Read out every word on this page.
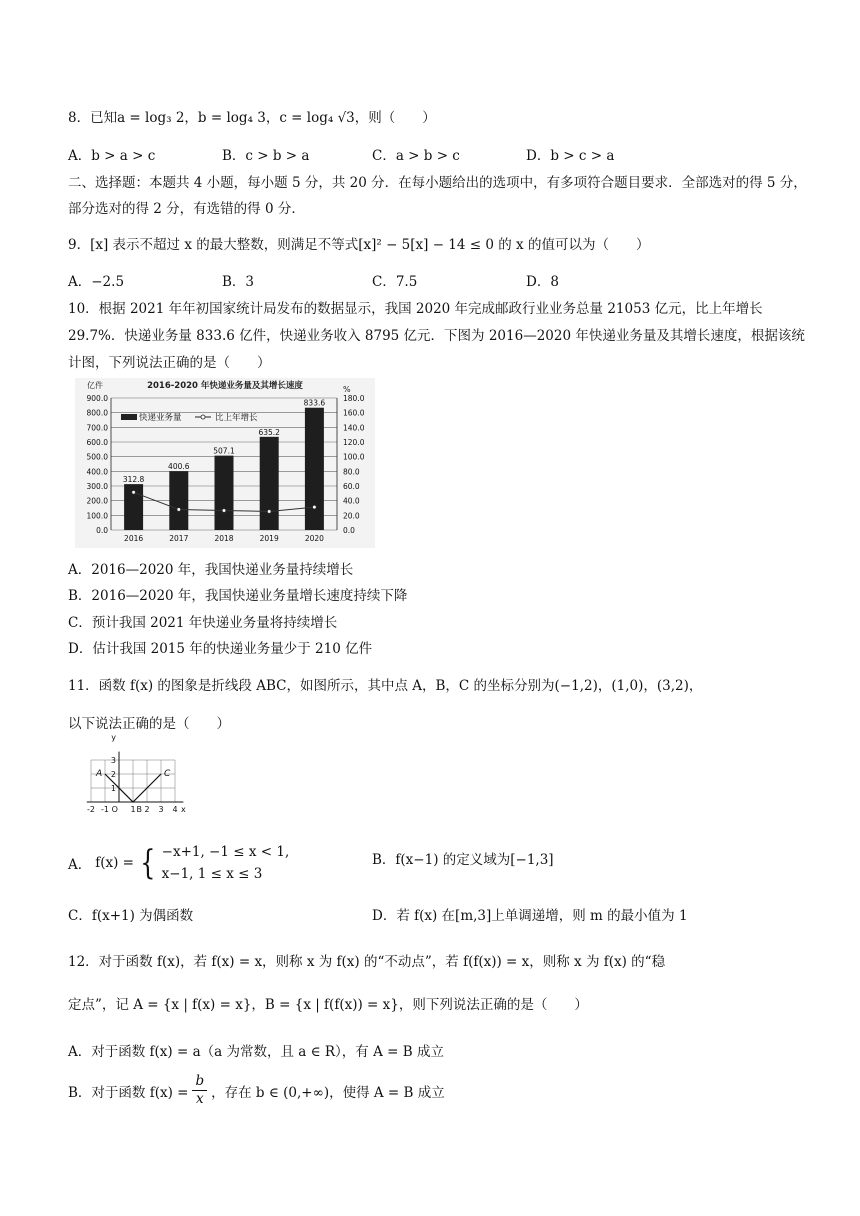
8．已知a = log₃ 2，b = log₄ 3，c = log₄ √3，则（　　）
A．b > a > c	B．c > b > a	C．a > b > c	D．b > c > a
二、选择题：本题共 4 小题，每小题 5 分，共 20 分．在每小题给出的选项中，有多项符合题目要求．全部选对的得 5 分，部分选对的得 2 分，有选错的得 0 分．
9．[x] 表示不超过 x 的最大整数，则满足不等式[x]² − 5[x] − 14 ≤ 0 的 x 的值可以为（　　）
A．−2.5	B．3	C．7.5	D．8
10．根据 2021 年年初国家统计局发布的数据显示，我国 2020 年完成邮政行业业务总量 21053 亿元，比上年增长 29.7%．快递业务量 833.6 亿件，快递业务收入 8795 亿元．下图为 2016—2020 年快递业务量及其增长速度，根据该统计图，下列说法正确的是（　　）
亿件	2016-2020 年快递业务量及其增长速度	%
312.8
400.6
507.1
635.2
833.6
900.0
800.0
700.0
600.0
500.0
400.0
300.0
200.0
100.0
0.0
180.0
160.0
140.0
120.0
100.0
80.0
60.0
40.0
20.0
0.0
2016	2017	2018	2019	2020
快递业务量	比上年增长
A．2016—2020 年，我国快递业务量持续增长
B．2016—2020 年，我国快递业务量增长速度持续下降
C．预计我国 2021 年快递业务量将持续增长
D．估计我国 2015 年的快递业务量少于 210 亿件
11．函数 f(x) 的图象是折线段 ABC，如图所示，其中点 A，B，C 的坐标分别为(−1,2)，(1,0)，(3,2)，
以下说法正确的是（　　）
-2 -1 O 1 B 2 3 4 x
y
3
2
1
A	C
A． f(x) = { −x+1, −1 ≤ x < 1,
x−1, 1 ≤ x ≤ 3
B．f(x−1) 的定义域为[−1,3]
C．f(x+1) 为偶函数	D．若 f(x) 在[m,3]上单调递增，则 m 的最小值为 1
12．对于函数 f(x)，若 f(x) = x，则称 x 为 f(x) 的“不动点”，若 f(f(x)) = x，则称 x 为 f(x) 的“稳
定点”，记 A = {x | f(x) = x}，B = {x | f(f(x)) = x}，则下列说法正确的是（　　）
A．对于函数 f(x) = a（a 为常数，且 a ∈ R），有 A = B 成立
B．对于函数 $f(x) = \frac{b}{x}$ ，存在 b ∈ (0,+∞)，使得 A = B 成立
